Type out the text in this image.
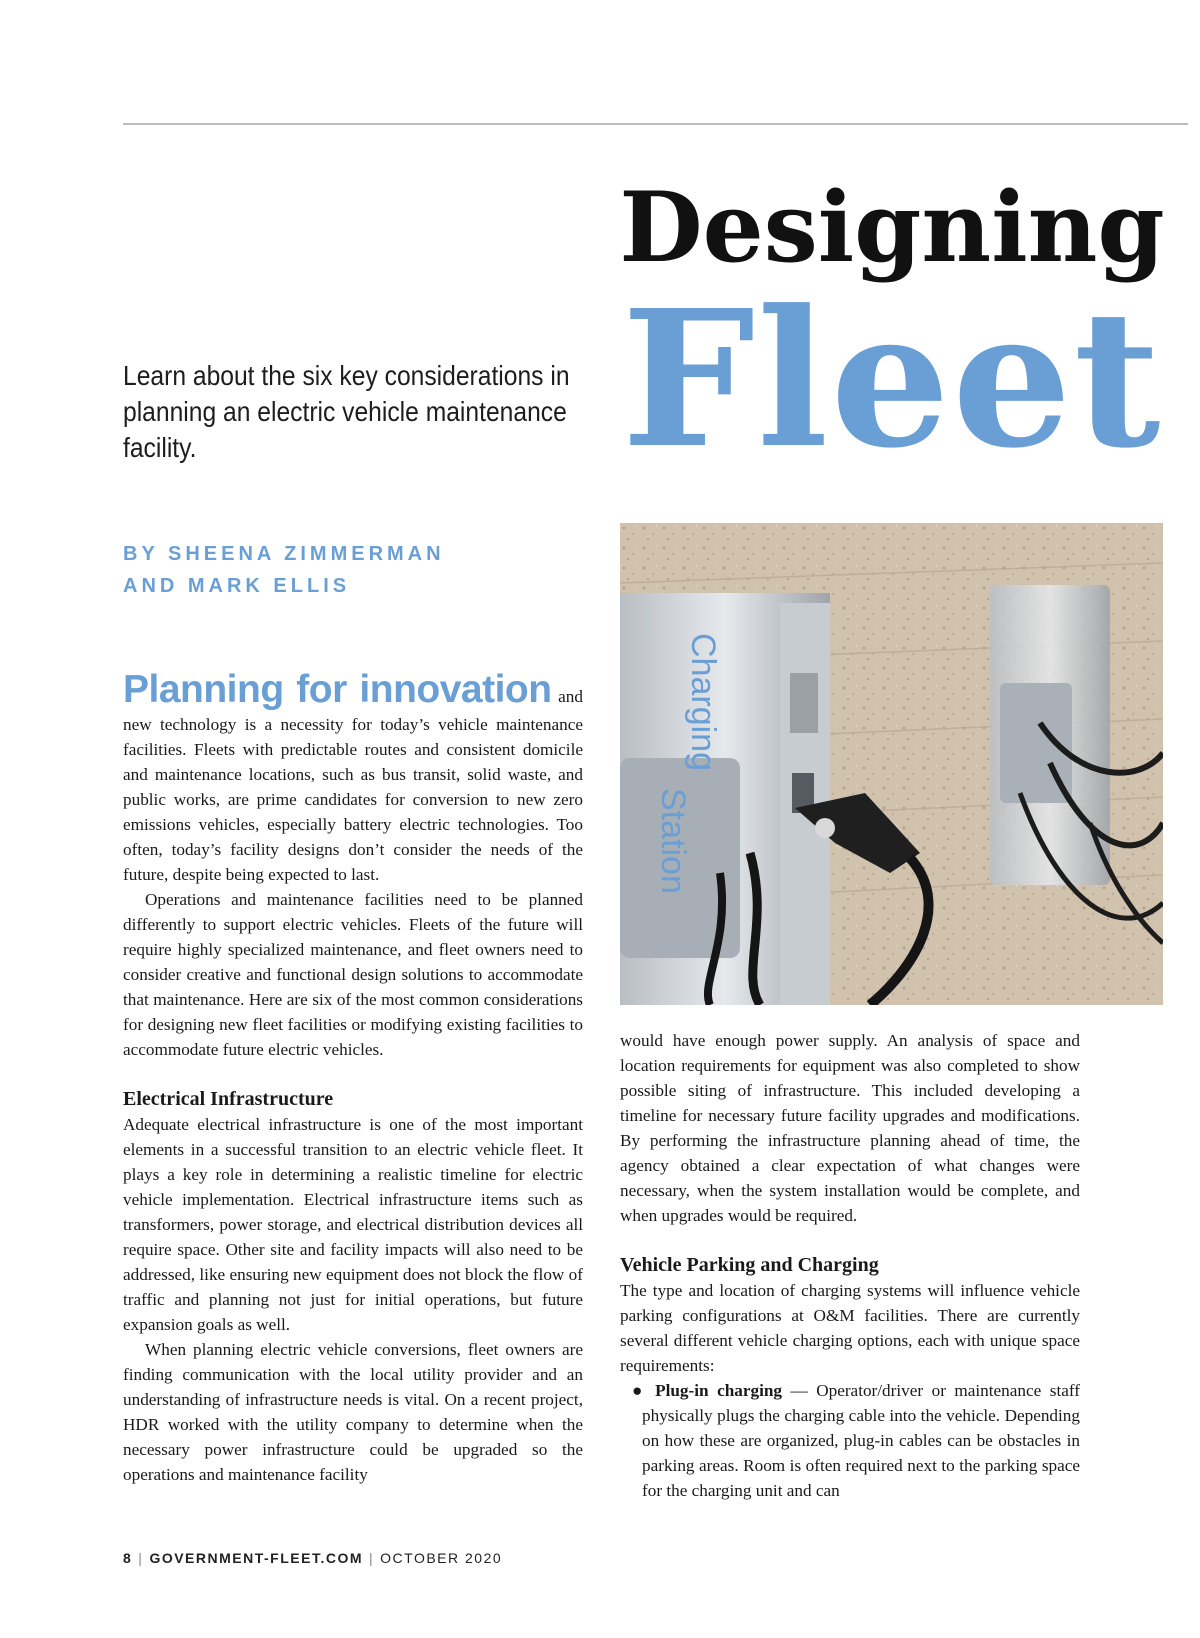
Designing
Fleet
Learn about the six key considerations in planning an electric vehicle maintenance facility.
BY SHEENA ZIMMERMAN
AND MARK ELLIS

Planning for innovation and new technology is a necessity for today’s vehicle maintenance facilities. Fleets with predictable routes and consistent domicile and maintenance locations, such as bus transit, solid waste, and public works, are prime candidates for conversion to new zero emissions vehicles, especially battery electric technologies. Too often, today’s facility designs don’t consider the needs of the future, despite being expected to last.

Operations and maintenance facilities need to be planned differently to support electric vehicles. Fleets of the future will require highly specialized maintenance, and fleet owners need to consider creative and functional design solutions to accommodate that maintenance. Here are six of the most common considerations for designing new fleet facilities or modifying existing facilities to accommodate future electric vehicles.

Electrical Infrastructure

Adequate electrical infrastructure is one of the most important elements in a successful transition to an electric vehicle fleet. It plays a key role in determining a realistic timeline for electric vehicle implementation. Electrical infrastructure items such as transformers, power storage, and electrical distribution devices all require space. Other site and facility impacts will also need to be addressed, like ensuring new equipment does not block the flow of traffic and planning not just for initial operations, but future expansion goals as well.

When planning electric vehicle conversions, fleet owners are finding communication with the local utility provider and an understanding of infrastructure needs is vital. On a recent project, HDR worked with the utility company to determine when the necessary power infrastructure could be upgraded so the operations and maintenance facility

Charging
Station

would have enough power supply. An analysis of space and location requirements for equipment was also completed to show possible siting of infrastructure. This included developing a timeline for necessary future facility upgrades and modifications. By performing the infrastructure planning ahead of time, the agency obtained a clear expectation of what changes were necessary, when the system installation would be complete, and when upgrades would be required.

Vehicle Parking and Charging

The type and location of charging systems will influence vehicle parking configurations at O&M facilities. There are currently several different vehicle charging options, each with unique space requirements:

● Plug-in charging — Operator/driver or maintenance staff physically plugs the charging cable into the vehicle. Depending on how these are organized, plug-in cables can be obstacles in parking areas. Room is often required next to the parking space for the charging unit and can

8 | GOVERNMENT-FLEET.COM | OCTOBER 2020
